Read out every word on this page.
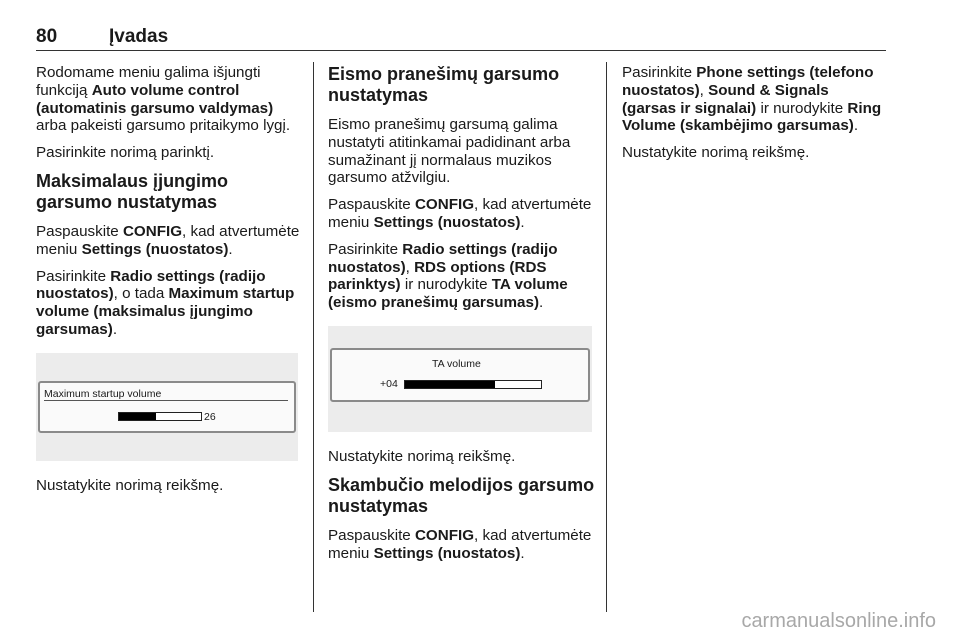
80	Įvadas

Rodomame meniu galima išjungti funkciją Auto volume control (automatinis garsumo valdymas) arba pakeisti garsumo pritaikymo lygį.

Pasirinkite norimą parinktį.

Maksimalaus įjungimo garsumo nustatymas

Paspauskite CONFIG, kad atvertumėte meniu Settings (nuostatos).

Pasirinkite Radio settings (radijo nuostatos), o tada Maximum startup volume (maksimalus įjungimo garsumas).

Maximum startup volume
26

Nustatykite norimą reikšmę.

Eismo pranešimų garsumo nustatymas

Eismo pranešimų garsumą galima nustatyti atitinkamai padidinant arba sumažinant jį normalaus muzikos garsumo atžvilgiu.

Paspauskite CONFIG, kad atvertumėte meniu Settings (nuostatos).

Pasirinkite Radio settings (radijo nuostatos), RDS options (RDS parinktys) ir nurodykite TA volume (eismo pranešimų garsumas).

TA volume
+04

Nustatykite norimą reikšmę.

Skambučio melodijos garsumo nustatymas

Paspauskite CONFIG, kad atvertumėte meniu Settings (nuostatos).

Pasirinkite Phone settings (telefono nuostatos), Sound & Signals (garsas ir signalai) ir nurodykite Ring Volume (skambėjimo garsumas).

Nustatykite norimą reikšmę.

carmanualsonline.info
